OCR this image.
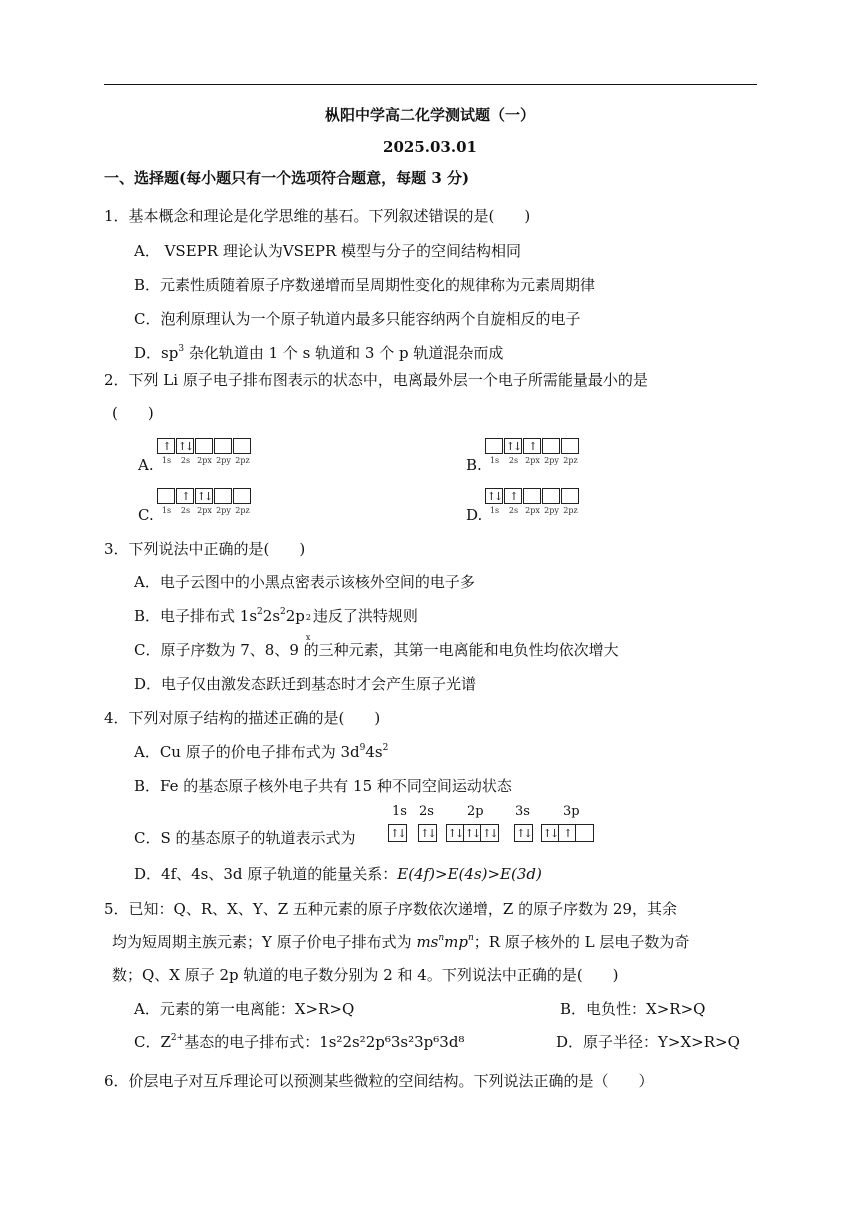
枞阳中学高二化学测试题（一）
2025.03.01
一、选择题(每小题只有一个选项符合题意，每题 3 分)
1．基本概念和理论是化学思维的基石。下列叙述错误的是(　　)
A． VSEPR 理论认为VSEPR 模型与分子的空间结构相同
B．元素性质随着原子序数递增而呈周期性变化的规律称为元素周期律
C．泡利原理认为一个原子轨道内最多只能容纳两个自旋相反的电子
D．$sp^3$ 杂化轨道由 1 个 s 轨道和 3 个 p 轨道混杂而成
2．下列 Li 原子电子排布图表示的状态中，电离最外层一个电子所需能量最小的是
(　　)
A.
↑ ↑↓
1s	2s 2px 2py 2pz	B.
↑↓ ↑
1s	2s 2px 2py 2pz
C.
↑ ↑↓
1s	2s 2px 2py 2pz	D.
↑↓ ↑
1s	2s 2px 2py 2pz
3．下列说法中正确的是(　　)
A．电子云图中的小黑点密表示该核外空间的电子多
B．电子排布式 $1s^22s^22p$ 2
x
违反了洪特规则
C．原子序数为 7、8、9 的三种元素，其第一电离能和电负性均依次增大
D．电子仅由激发态跃迁到基态时才会产生原子光谱
4．下列对原子结构的描述正确的是(　　)
A．Cu 原子的价电子排布式为 $3d^94s^2$
B．Fe 的基态原子核外电子共有 15 种不同空间运动状态
C．S 的基态原子的轨道表示式为
1s 2s	2p 3s	3p
↑↓ ↑↓ ↑↓ ↑↓ ↑↓ ↑↓ ↑↓ ↑
D．4f、4s、3d 原子轨道的能量关系：E(4f)>E(4s)>E(3d)
5．已知：Q、R、X、Y、Z 五种元素的原子序数依次递增，Z 的原子序数为 29，其余
均为短周期主族元素；Y 原子价电子排布式为 $ms^nmp^n$；R 原子核外的 L 层电子数为奇
数；Q、X 原子 2p 轨道的电子数分别为 2 和 4。下列说法中正确的是(　　)
A．元素的第一电离能：X>R>Q	B．电负性：X>R>Q
C．$Z^{2+}$基态的电子排布式：1s²2s²2p⁶3s²3p⁶3d⁸	D．原子半径：Y>X>R>Q
6．价层电子对互斥理论可以预测某些微粒的空间结构。下列说法正确的是（　　）
